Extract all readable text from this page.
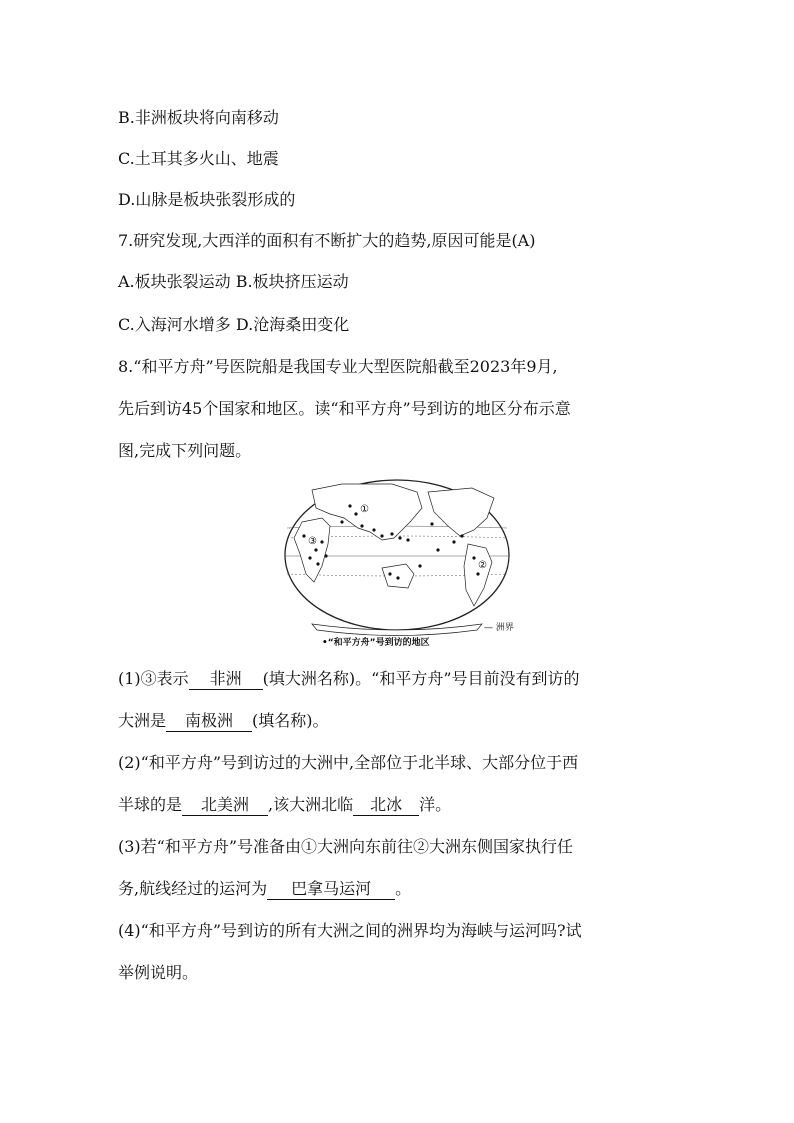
B.非洲板块将向南移动
C.土耳其多火山、地震
D.山脉是板块张裂形成的
7.研究发现,大西洋的面积有不断扩大的趋势,原因可能是(A)
A.板块张裂运动 B.板块挤压运动
C.入海河水增多 D.沧海桑田变化
8.“和平方舟”号医院船是我国专业大型医院船截至2023年9月,
先后到访45个国家和地区。读“和平方舟”号到访的地区分布示意
图,完成下列问题。
①
②
③
•“和平方舟”号到访的地区
— 洲界
(1)③表示 非洲 (填大洲名称)。“和平方舟”号目前没有到访的
大洲是 南极洲 (填名称)。
(2)“和平方舟”号到访过的大洲中,全部位于北半球、大部分位于西
半球的是 北美洲 ,该大洲北临 北冰 洋。
(3)若“和平方舟”号准备由①大洲向东前往②大洲东侧国家执行任
务,航线经过的运河为 巴拿马运河 。
(4)“和平方舟”号到访的所有大洲之间的洲界均为海峡与运河吗?试
举例说明。
